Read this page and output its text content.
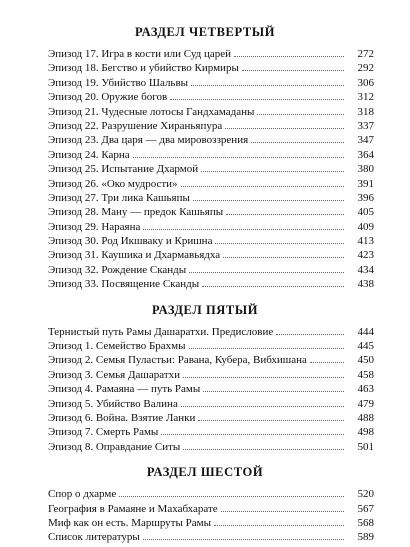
РАЗДЕЛ ЧЕТВЕРТЫЙ
Эпизод 17. Игра в кости или Суд царей	272
Эпизод 18. Бегство и убийство Кирмиры	292
Эпизод 19. Убийство Шальвы	306
Эпизод 20. Оружие богов	312
Эпизод 21. Чудесные лотосы Гандхамаданы	318
Эпизод 22. Разрушение Хираньяпура	337
Эпизод 23. Два царя — два мировоззрения	347
Эпизод 24. Карна	364
Эпизод 25. Испытание Дхармой	380
Эпизод 26. «Око мудрости»	391
Эпизод 27. Три лика Кашьяпы	396
Эпизод 28. Ману — предок Кашьяпы	405
Эпизод 29. Нараяна	409
Эпизод 30. Род Икшваку и Кришна	413
Эпизод 31. Каушика и Дхармавьядха	423
Эпизод 32. Рождение Сканды	434
Эпизод 33. Посвящение Сканды	438
РАЗДЕЛ ПЯТЫЙ
Тернистый путь Рамы Дашаратхи. Предисловие	444
Эпизод 1. Семейство Брахмы	445
Эпизод 2. Семья Пуластьи: Равана, Кубера, Вибхишана	450
Эпизод 3. Семья Дашаратхи	458
Эпизод 4. Рамаяна — путь Рамы	463
Эпизод 5. Убийство Валина	479
Эпизод 6. Война. Взятие Ланки	488
Эпизод 7. Смерть Рамы	498
Эпизод 8. Оправдание Ситы	501
РАЗДЕЛ ШЕСТОЙ
Спор о дхарме	520
География в Рамаяне и Махабхарате	567
Миф как он есть. Маршруты Рамы	568
Список литературы	589
